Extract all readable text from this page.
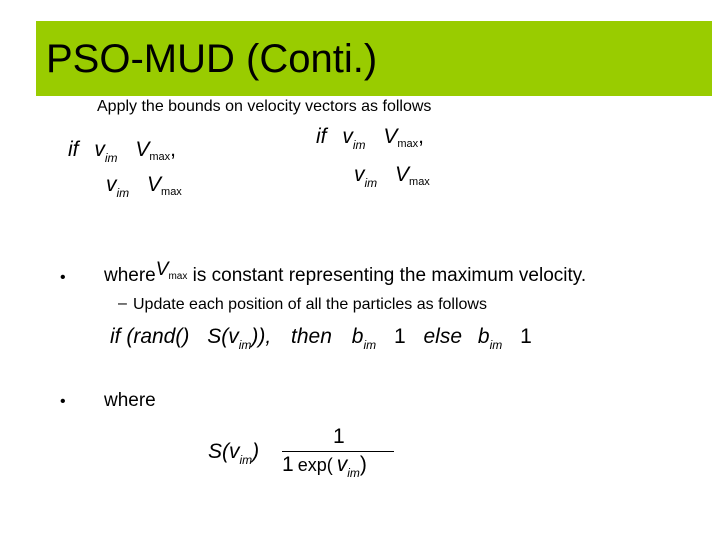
PSO-MUD (Conti.)
Apply the bounds on velocity vectors as follows
if $v_{im}$ Vmax,
$v_{im}$ Vmax
if $v_{im}$ Vmax,
$v_{im}$ Vmax
• whereVmax is constant representing the maximum velocity.
– Update each position of all the particles as follows
if (rand() $S(v_{im})$), then $b_{im}$ 1 else $b_{im}$ 1
• where
$S(v_{im})$
1
1 exp( $v_{im}$)
